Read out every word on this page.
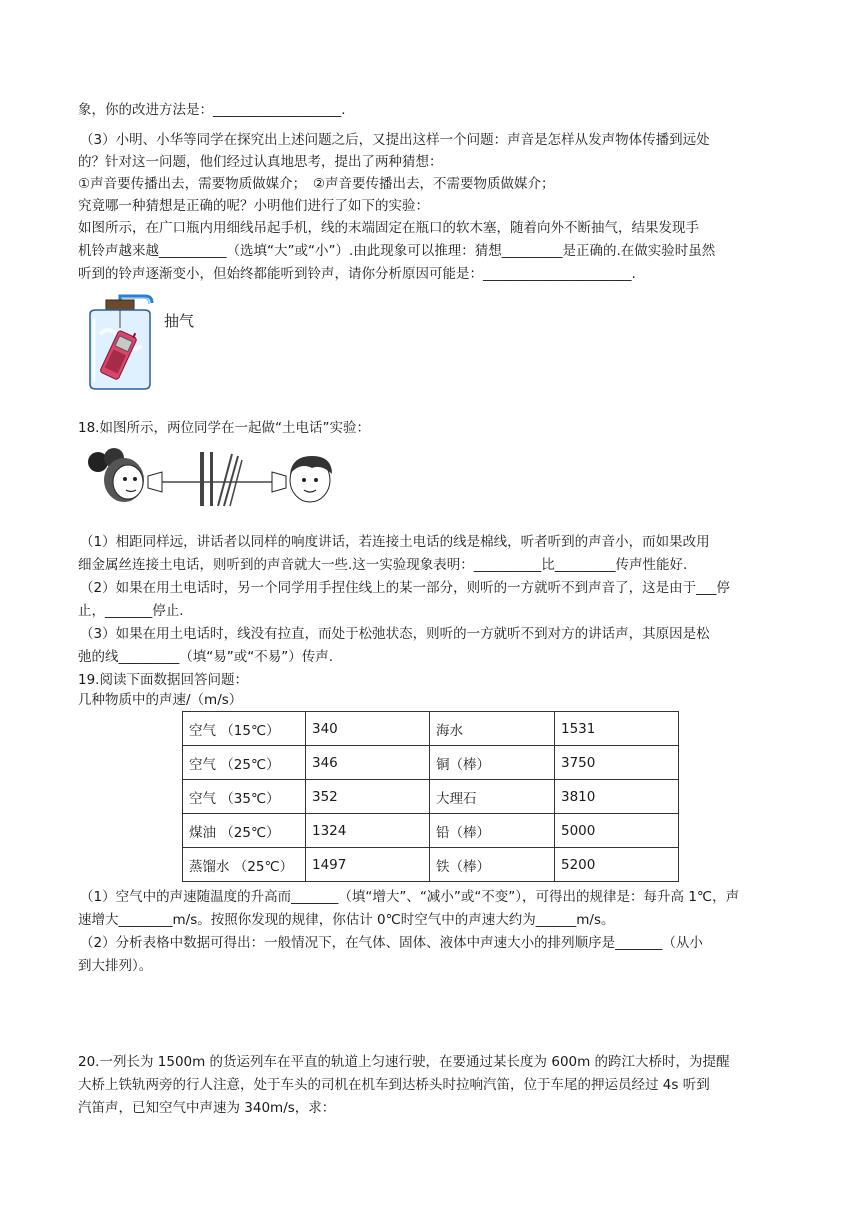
象，你的改进方法是：___________________.
（3）小明、小华等同学在探究出上述问题之后，又提出这样一个问题：声音是怎样从发声物体传播到远处
的？针对这一问题，他们经过认真地思考，提出了两种猜想：
①声音要传播出去，需要物质做媒介；　②声音要传播出去，不需要物质做媒介；
究竟哪一种猜想是正确的呢？小明他们进行了如下的实验：
如图所示，在广口瓶内用细线吊起手机，线的末端固定在瓶口的软木塞，随着向外不断抽气，结果发现手
机铃声越来越__________（选填“大”或“小”）.由此现象可以推理：猜想_________是正确的.在做实验时虽然
听到的铃声逐渐变小，但始终都能听到铃声，请你分析原因可能是：______________________.
抽气
18.如图所示，两位同学在一起做“土电话”实验：
（1）相距同样远，讲话者以同样的响度讲话，若连接土电话的线是棉线，听者听到的声音小，而如果改用
细金属丝连接土电话，则听到的声音就大一些.这一实验现象表明：__________比_________传声性能好.
（2）如果在用土电话时，另一个同学用手捏住线上的某一部分，则听的一方就听不到声音了，这是由于___停
止，_______停止.
（3）如果在用土电话时，线没有拉直，而处于松弛状态，则听的一方就听不到对方的讲话声，其原因是松
弛的线_________（填“易”或“不易”）传声.
19.阅读下面数据回答问题：
几种物质中的声速/（m/s）
空气 （15℃）	340	海水	1531
空气 （25℃）	346	铜（棒）	3750
空气 （35℃）	352	大理石	3810
煤油 （25℃）	1324	铅（棒）	5000
蒸馏水 （25℃）	1497	铁（棒）	5200
（1）空气中的声速随温度的升高而_______（填“增大”、“减小”或“不变”），可得出的规律是：每升高 1℃，声
速增大________m/s。按照你发现的规律，你估计 0℃时空气中的声速大约为______m/s。
（2）分析表格中数据可得出：一般情况下，在气体、固体、液体中声速大小的排列顺序是_______（从小
到大排列）。
20.一列长为 1500m 的货运列车在平直的轨道上匀速行驶，在要通过某长度为 600m 的跨江大桥时，为提醒
大桥上铁轨两旁的行人注意，处于车头的司机在机车到达桥头时拉响汽笛，位于车尾的押运员经过 4s 听到
汽笛声，已知空气中声速为 340m/s，求：
